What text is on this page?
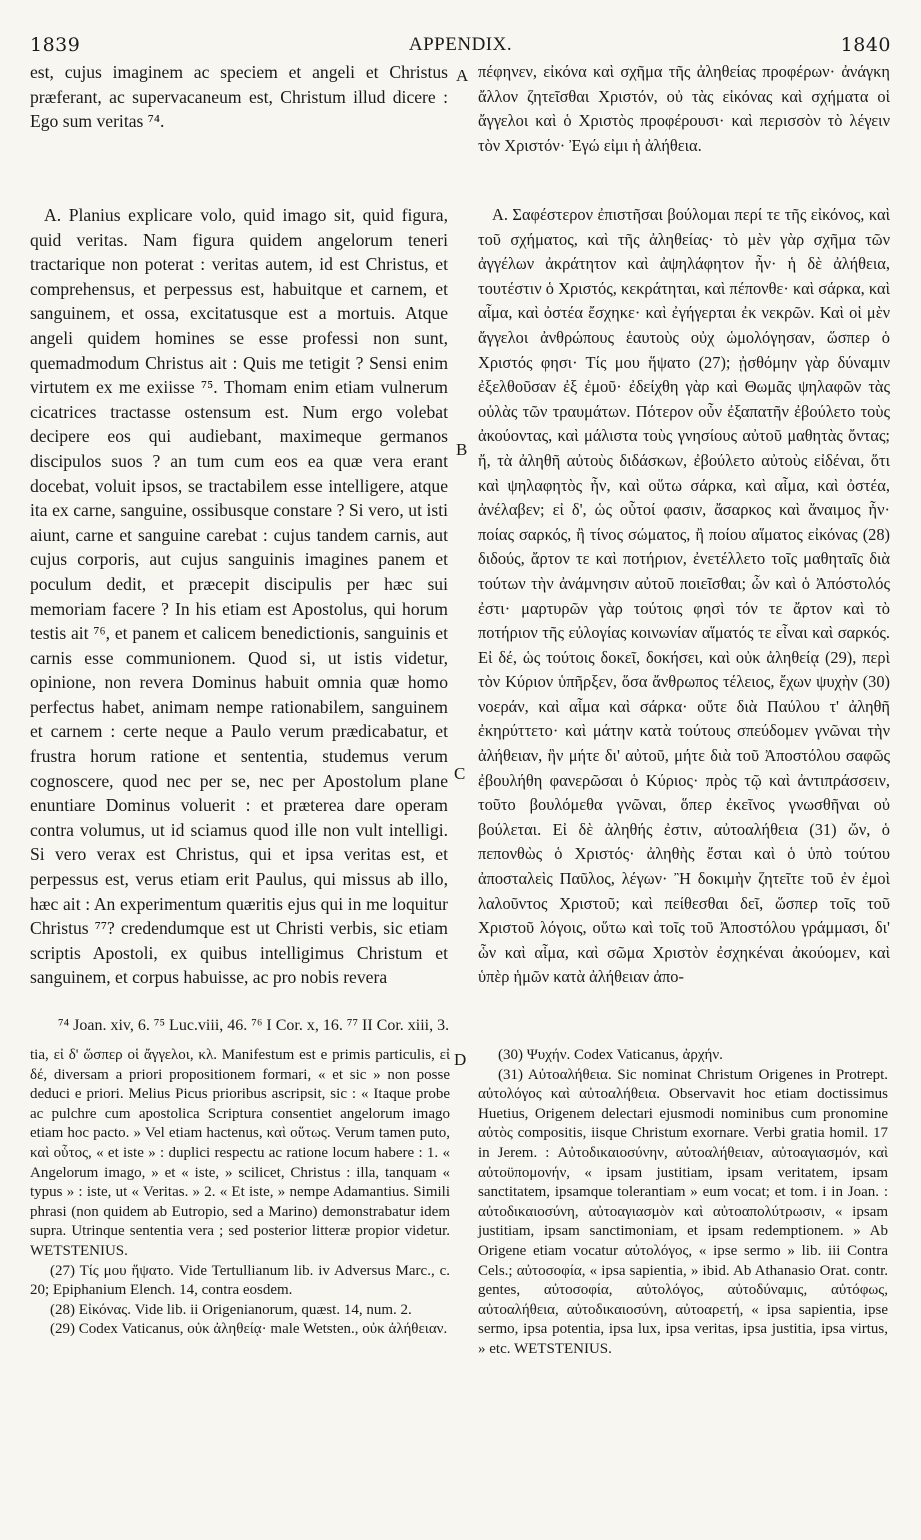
1839	APPENDIX.	1840

est, cujus imaginem ac speciem et angeli et Christus præferant, ac supervacaneum est, Christum illud dicere : Ego sum veritas ⁷⁴.

A. Planius explicare volo, quid imago sit, quid figura, quid veritas. Nam figura quidem angelorum teneri tractarique non poterat : veritas autem, id est Christus, et comprehensus, et perpessus est, habuitque et carnem, et sanguinem, et ossa, excitatusque est a mortuis. Atque angeli quidem homines se esse professi non sunt, quemadmodum Christus ait : Quis me tetigit ? Sensi enim virtutem ex me exiisse ⁷⁵. Thomam enim etiam vulnerum cicatrices tractasse ostensum est. Num ergo volebat decipere eos qui audiebant, maximeque germanos discipulos suos ? an tum cum eos ea quæ vera erant docebat, voluit ipsos, se tractabilem esse intelligere, atque ita ex carne, sanguine, ossibusque constare ? Si vero, ut isti aiunt, carne et sanguine carebat : cujus tandem carnis, aut cujus corporis, aut cujus sanguinis imagines panem et poculum dedit, et præcepit discipulis per hæc sui memoriam facere ? In his etiam est Apostolus, qui horum testis ait ⁷⁶, et panem et calicem benedictionis, sanguinis et carnis esse communionem. Quod si, ut istis videtur, opinione, non revera Dominus habuit omnia quæ homo perfectus habet, animam nempe rationabilem, sanguinem et carnem : certe neque a Paulo verum prædicabatur, et frustra horum ratione et sententia, studemus verum cognoscere, quod nec per se, nec per Apostolum plane enuntiare Dominus voluerit : et præterea dare operam contra volumus, ut id sciamus quod ille non vult intelligi. Si vero verax est Christus, qui et ipsa veritas est, et perpessus est, verus etiam erit Paulus, qui missus ab illo, hæc ait : An experimentum quæritis ejus qui in me loquitur Christus ⁷⁷? credendumque est ut Christi verbis, sic etiam scriptis Apostoli, ex quibus intelligimus Christum et sanguinem, et corpus habuisse, ac pro nobis revera

πέφηνεν, εἰκόνα καὶ σχῆμα τῆς ἀληθείας προφέρων· ἀνάγκη ἄλλον ζητεῖσθαι Χριστόν, οὐ τὰς εἰκόνας καὶ σχήματα οἱ ἄγγελοι καὶ ὁ Χριστὸς προφέρουσι· καὶ περισσὸν τὸ λέγειν τὸν Χριστόν· Ἐγώ εἰμι ἡ ἀλήθεια.

Α. Σαφέστερον ἐπιστῆσαι βούλομαι περί τε τῆς εἰκόνος, καὶ τοῦ σχήματος, καὶ τῆς ἀληθείας· τὸ μὲν γὰρ σχῆμα τῶν ἀγγέλων ἀκράτητον καὶ ἀψηλάφητον ἦν· ἡ δὲ ἀλήθεια, τουτέστιν ὁ Χριστός, κεκράτηται, καὶ πέπονθε· καὶ σάρκα, καὶ αἷμα, καὶ ὀστέα ἔσχηκε· καὶ ἐγήγερται ἐκ νεκρῶν. Καὶ οἱ μὲν ἄγγελοι ἀνθρώπους ἑαυτοὺς οὐχ ὡμολόγησαν, ὥσπερ ὁ Χριστός φησι· Τίς μου ἥψατο (27); ᾐσθόμην γὰρ δύναμιν ἐξελθοῦσαν ἐξ ἐμοῦ· ἐδείχθη γὰρ καὶ Θωμᾶς ψηλαφῶν τὰς οὐλὰς τῶν τραυμάτων. Πότερον οὖν ἐξαπατῆν ἐβούλετο τοὺς ἀκούοντας, καὶ μάλιστα τοὺς γνησίους αὐτοῦ μαθητὰς ὄντας; ἤ, τὰ ἀληθῆ αὐτοὺς διδάσκων, ἐβούλετο αὐτοὺς εἰδέναι, ὅτι καὶ ψηλαφητὸς ἦν, καὶ οὕτω σάρκα, καὶ αἷμα, καὶ ὀστέα, ἀνέλαβεν; εἰ δ', ὡς οὗτοί φασιν, ἄσαρκος καὶ ἄναιμος ἦν· ποίας σαρκός, ἢ τίνος σώματος, ἢ ποίου αἵματος εἰκόνας (28) διδούς, ἄρτον τε καὶ ποτήριον, ἐνετέλλετο τοῖς μαθηταῖς διὰ τούτων τὴν ἀνάμνησιν αὐτοῦ ποιεῖσθαι; ὧν καὶ ὁ Ἀπόστολός ἐστι· μαρτυρῶν γὰρ τούτοις φησὶ τόν τε ἄρτον καὶ τὸ ποτήριον τῆς εὐλογίας κοινωνίαν αἵματός τε εἶναι καὶ σαρκός. Εἰ δέ, ὡς τούτοις δοκεῖ, δοκήσει, καὶ οὐκ ἀληθείᾳ (29), περὶ τὸν Κύριον ὑπῆρξεν, ὅσα ἄνθρωπος τέλειος, ἔχων ψυχὴν (30) νοεράν, καὶ αἷμα καὶ σάρκα· οὔτε διὰ Παύλου τ' ἀληθῆ ἐκηρύττετο· καὶ μάτην κατὰ τούτους σπεύδομεν γνῶναι τὴν ἀλήθειαν, ἣν μήτε δι' αὐτοῦ, μήτε διὰ τοῦ Ἀποστόλου σαφῶς ἐβουλήθη φανερῶσαι ὁ Κύριος· πρὸς τῷ καὶ ἀντιπράσσειν, τοῦτο βουλόμεθα γνῶναι, ὅπερ ἐκεῖνος γνωσθῆναι οὐ βούλεται. Εἰ δὲ ἀληθής ἐστιν, αὐτοαλήθεια (31) ὤν, ὁ πεπονθὼς ὁ Χριστός· ἀληθὴς ἔσται καὶ ὁ ὑπὸ τούτου ἀποσταλεὶς Παῦλος, λέγων· Ἢ δοκιμὴν ζητεῖτε τοῦ ἐν ἐμοὶ λαλοῦντος Χριστοῦ; καὶ πείθεσθαι δεῖ, ὥσπερ τοῖς τοῦ Χριστοῦ λόγοις, οὕτω καὶ τοῖς τοῦ Ἀποστόλου γράμμασι, δι' ὧν καὶ αἷμα, καὶ σῶμα Χριστὸν ἐσχηκέναι ἀκούομεν, καὶ ὑπὲρ ἡμῶν κατὰ ἀλήθειαν ἀπο-

A
B
C
D
⁷⁴ Joan. xiv, 6. ⁷⁵ Luc.viii, 46. ⁷⁶ I Cor. x, 16. ⁷⁷ II Cor. xiii, 3.

tia, εἰ δ' ὥσπερ οἱ ἄγγελοι, κλ. Manifestum est e primis particulis, εἰ δέ, diversam a priori propositionem formari, « et sic » non posse deduci e priori. Melius Picus prioribus ascripsit, sic : « Itaque probe ac pulchre cum apostolica Scriptura consentiet angelorum imago etiam hoc pacto. » Vel etiam hactenus, καὶ οὕτως. Verum tamen puto, καὶ οὗτος, « et iste » : duplici respectu ac ratione locum habere : 1. « Angelorum imago, » et « iste, » scilicet, Christus : illa, tanquam « typus » : iste, ut « Veritas. » 2. « Et iste, » nempe Adamantius. Simili phrasi (non quidem ab Eutropio, sed a Marino) demonstrabatur idem supra. Utrinque sententia vera ; sed posterior litteræ propior videtur. WETSTENIUS.

(27) Τίς μου ἥψατο. Vide Tertullianum lib. iv Adversus Marc., c. 20; Epiphanium Elench. 14, contra eosdem.

(28) Εἰκόνας. Vide lib. ii Origenianorum, quæst. 14, num. 2.

(29) Codex Vaticanus, οὐκ ἀληθείᾳ· male Wetsten., οὐκ ἀλήθειαν.

(30) Ψυχήν. Codex Vaticanus, ἀρχήν.

(31) Αὐτοαλήθεια. Sic nominat Christum Origenes in Protrept. αὐτολόγος καὶ αὐτοαλήθεια. Observavit hoc etiam doctissimus Huetius, Origenem delectari ejusmodi nominibus cum pronomine αὐτὸς compositis, iisque Christum exornare. Verbi gratia homil. 17 in Jerem. : Αὐτοδικαιοσύνην, αὐτοαλήθειαν, αὐτοαγιασμόν, καὶ αὐτοϋπομονήν, « ipsam justitiam, ipsam veritatem, ipsam sanctitatem, ipsamque tolerantiam » eum vocat; et tom. i in Joan. : αὐτοδικαιοσύνη, αὐτοαγιασμὸν καὶ αὐτοαπολύτρωσιν, « ipsam justitiam, ipsam sanctimoniam, et ipsam redemptionem. » Ab Origene etiam vocatur αὐτολόγος, « ipse sermo » lib. iii Contra Cels.; αὐτοσοφία, « ipsa sapientia, » ibid. Ab Athanasio Orat. contr. gentes, αὐτοσοφία, αὐτολόγος, αὐτοδύναμις, αὐτόφως, αὐτοαλήθεια, αὐτοδικαιοσύνη, αὐτοαρετή, « ipsa sapientia, ipse sermo, ipsa potentia, ipsa lux, ipsa veritas, ipsa justitia, ipsa virtus, » etc. WETSTENIUS.
